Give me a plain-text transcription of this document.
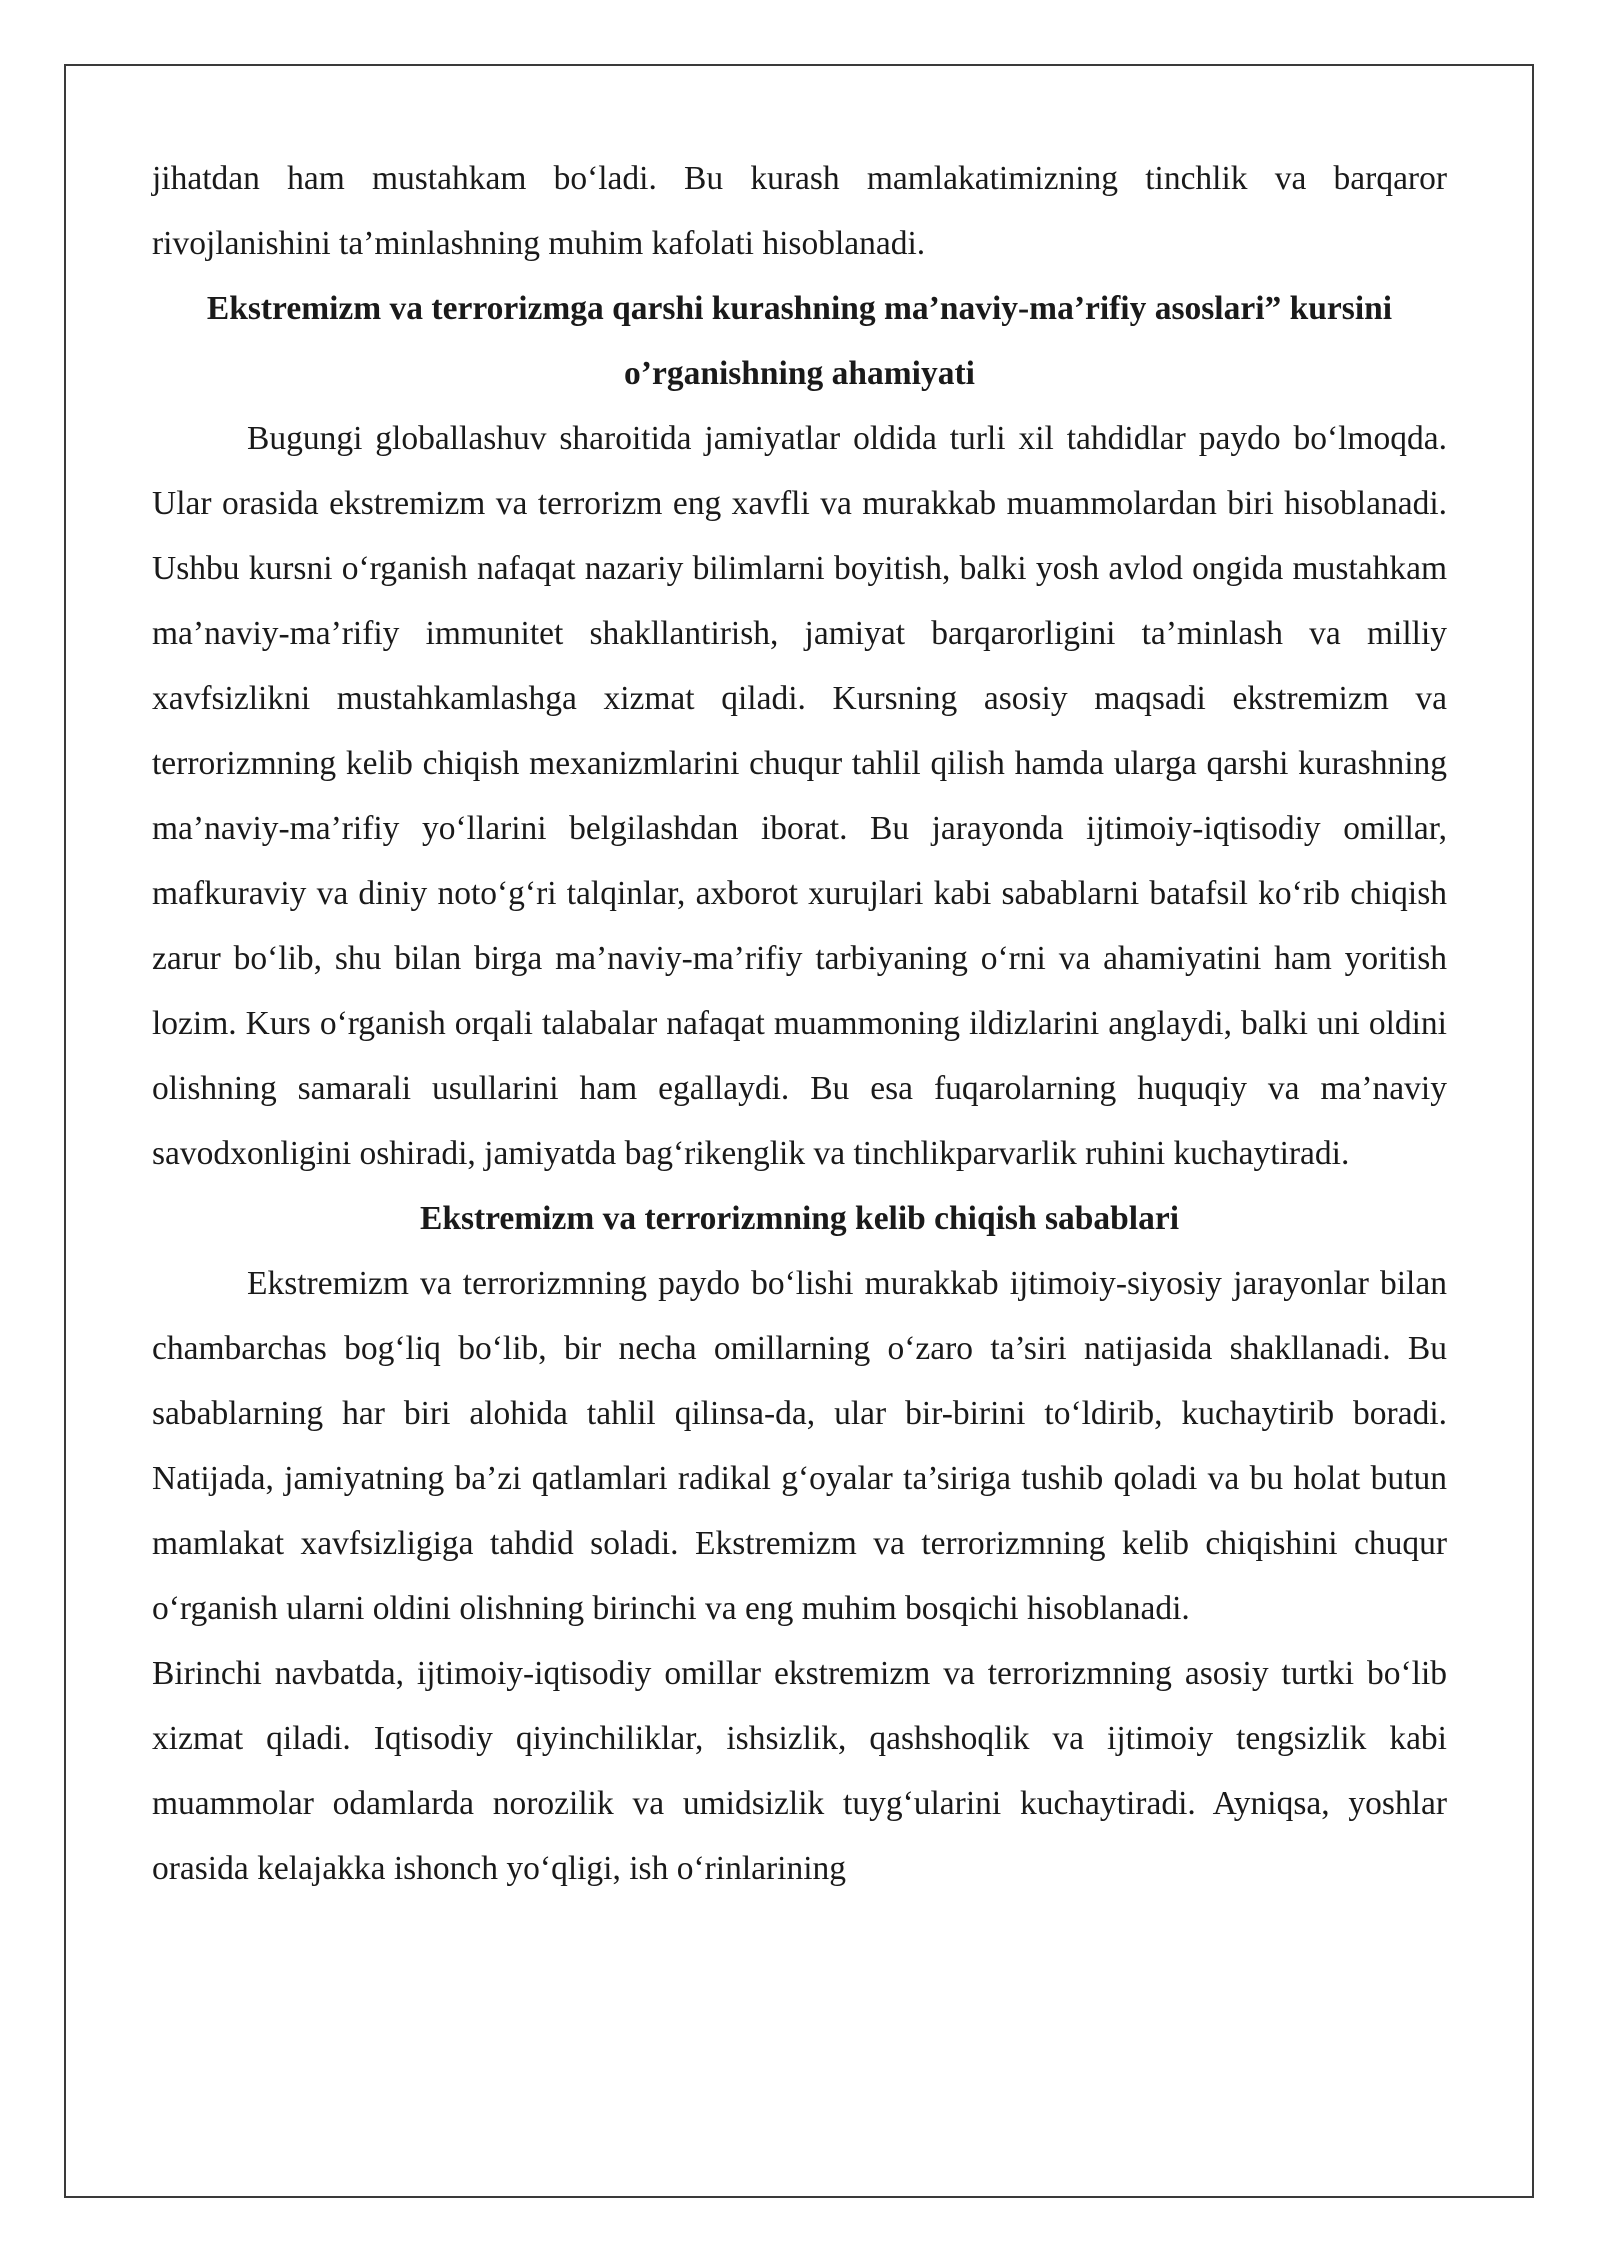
jihatdan ham mustahkam bo‘ladi. Bu kurash mamlakatimizning tinchlik va barqaror rivojlanishini ta’minlashning muhim kafolati hisoblanadi.

Ekstremizm va terrorizmga qarshi kurashning ma’naviy-ma’rifiy asoslari” kursini o’rganishning ahamiyati

Bugungi globallashuv sharoitida jamiyatlar oldida turli xil tahdidlar paydo bo‘lmoqda. Ular orasida ekstremizm va terrorizm eng xavfli va murakkab muammolardan biri hisoblanadi. Ushbu kursni o‘rganish nafaqat nazariy bilimlarni boyitish, balki yosh avlod ongida mustahkam ma’naviy-ma’rifiy immunitet shakllantirish, jamiyat barqarorligini ta’minlash va milliy xavfsizlikni mustahkamlashga xizmat qiladi. Kursning asosiy maqsadi ekstremizm va terrorizmning kelib chiqish mexanizmlarini chuqur tahlil qilish hamda ularga qarshi kurashning ma’naviy-ma’rifiy yo‘llarini belgilashdan iborat. Bu jarayonda ijtimoiy-iqtisodiy omillar, mafkuraviy va diniy noto‘g‘ri talqinlar, axborot xurujlari kabi sabablarni batafsil ko‘rib chiqish zarur bo‘lib, shu bilan birga ma’naviy-ma’rifiy tarbiyaning o‘rni va ahamiyatini ham yoritish lozim. Kurs o‘rganish orqali talabalar nafaqat muammoning ildizlarini anglaydi, balki uni oldini olishning samarali usullarini ham egallaydi. Bu esa fuqarolarning huquqiy va ma’naviy savodxonligini oshiradi, jamiyatda bag‘rikenglik va tinchlikparvarlik ruhini kuchaytiradi.

Ekstremizm va terrorizmning kelib chiqish sabablari

Ekstremizm va terrorizmning paydo bo‘lishi murakkab ijtimoiy-siyosiy jarayonlar bilan chambarchas bog‘liq bo‘lib, bir necha omillarning o‘zaro ta’siri natijasida shakllanadi. Bu sabablarning har biri alohida tahlil qilinsa-da, ular bir-birini to‘ldirib, kuchaytirib boradi. Natijada, jamiyatning ba’zi qatlamlari radikal g‘oyalar ta’siriga tushib qoladi va bu holat butun mamlakat xavfsizligiga tahdid soladi. Ekstremizm va terrorizmning kelib chiqishini chuqur o‘rganish ularni oldini olishning birinchi va eng muhim bosqichi hisoblanadi.

Birinchi navbatda, ijtimoiy-iqtisodiy omillar ekstremizm va terrorizmning asosiy turtki bo‘lib xizmat qiladi. Iqtisodiy qiyinchiliklar, ishsizlik, qashshoqlik va ijtimoiy tengsizlik kabi muammolar odamlarda norozilik va umidsizlik tuyg‘ularini kuchaytiradi. Ayniqsa, yoshlar orasida kelajakka ishonch yo‘qligi, ish o‘rinlarining
